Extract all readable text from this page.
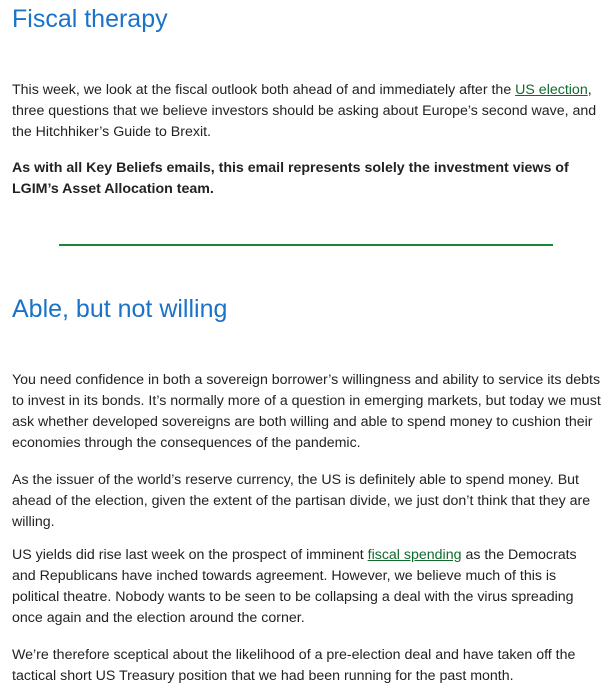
Fiscal therapy

This week, we look at the fiscal outlook both ahead of and immediately after the US election, three questions that we believe investors should be asking about Europe’s second wave, and the Hitchhiker’s Guide to Brexit.

As with all Key Beliefs emails, this email represents solely the investment views of LGIM’s Asset Allocation team.

Able, but not willing

You need confidence in both a sovereign borrower’s willingness and ability to service its debts to invest in its bonds. It’s normally more of a question in emerging markets, but today we must ask whether developed sovereigns are both willing and able to spend money to cushion their economies through the consequences of the pandemic.

As the issuer of the world’s reserve currency, the US is definitely able to spend money. But ahead of the election, given the extent of the partisan divide, we just don’t think that they are willing.

US yields did rise last week on the prospect of imminent fiscal spending as the Democrats and Republicans have inched towards agreement. However, we believe much of this is political theatre. Nobody wants to be seen to be collapsing a deal with the virus spreading once again and the election around the corner.

We’re therefore sceptical about the likelihood of a pre-election deal and have taken off the tactical short US Treasury position that we had been running for the past month.
